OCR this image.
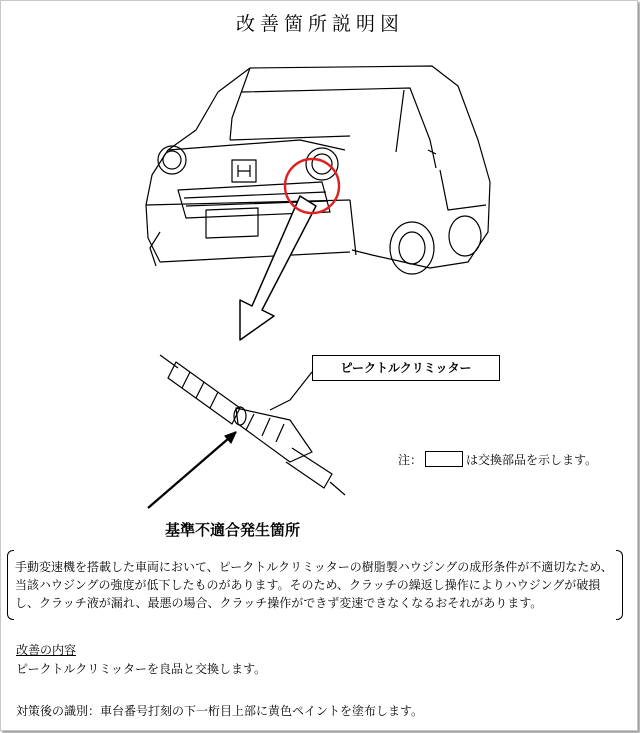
改善箇所説明図
ピークトルクリミッター
注：	は交換部品を示します。
基準不適合発生箇所

手動変速機を搭載した車両において、ピークトルクリミッターの樹脂製ハウジングの成形条件が不適切なため、当該ハウジングの強度が低下したものがあります。そのため、クラッチの繰返し操作によりハウジングが破損し、クラッチ液が漏れ、最悪の場合、クラッチ操作ができず変速できなくなるおそれがあります。

改善の内容
ピークトルクリミッターを良品と交換します。
対策後の識別：車台番号打刻の下一桁目上部に黄色ペイントを塗布します。
